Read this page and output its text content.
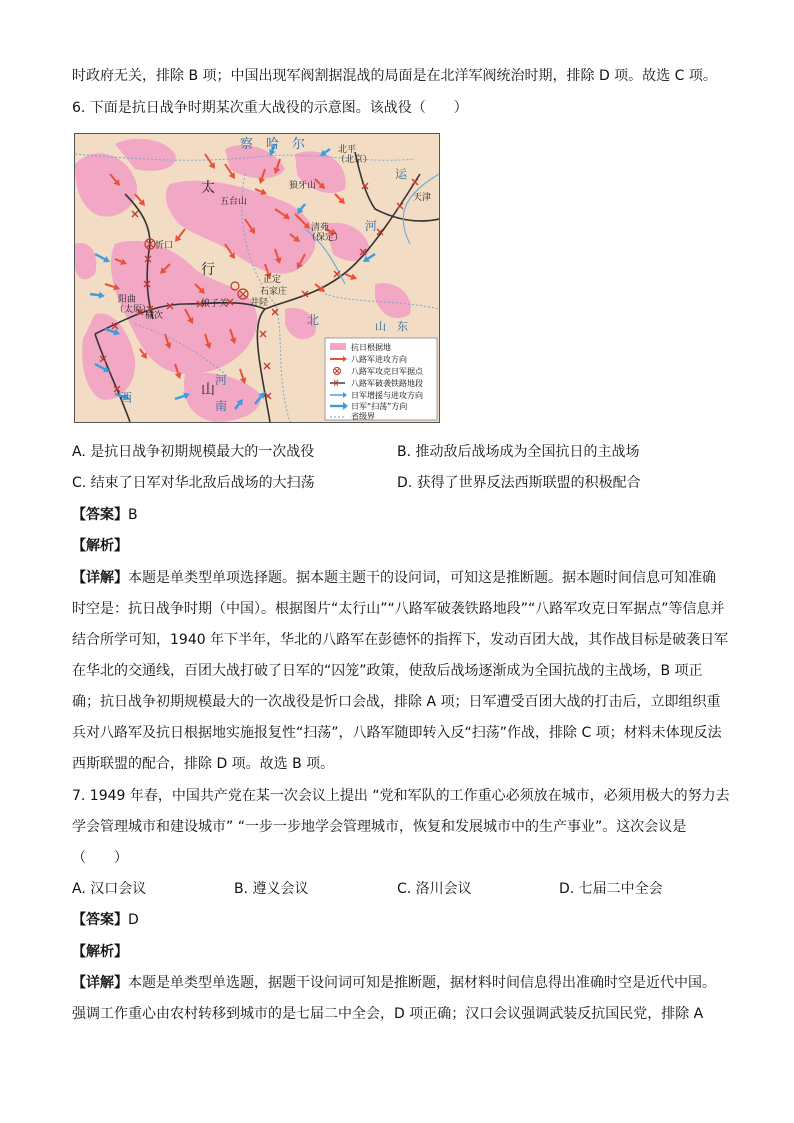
时政府无关，排除 B 项；中国出现军阀割据混战的局面是在北洋军阀统治时期，排除 D 项。故选 C 项。
6. 下面是抗日战争时期某次重大战役的示意图。该战役（　　）
察　哈　尔	北平
（北京）
天津
狼牙山
五台山
清苑
（保定）
忻口
阳曲
（太原）
榆次
娘子关 井陉
正定
石家庄
太
行
山
西
河
南
北	山　东
运
河
抗日根据地
八路军进攻方向
八路军攻克日军据点
八路军破袭铁路地段
日军增援与进攻方向
日军“扫荡”方向
省级界
A. 是抗日战争初期规模最大的一次战役	B. 推动敌后战场成为全国抗日的主战场
C. 结束了日军对华北敌后战场的大扫荡	D. 获得了世界反法西斯联盟的积极配合
【答案】B
【解析】
【详解】本题是单类型单项选择题。据本题主题干的设问词，可知这是推断题。据本题时间信息可知准确
时空是：抗日战争时期（中国）。根据图片“太行山”“八路军破袭铁路地段”“八路军攻克日军据点”等信息并
结合所学可知，1940 年下半年，华北的八路军在彭德怀的指挥下，发动百团大战，其作战目标是破袭日军
在华北的交通线，百团大战打破了日军的“囚笼”政策，使敌后战场逐渐成为全国抗战的主战场，B 项正
确；抗日战争初期规模最大的一次战役是忻口会战，排除 A 项；日军遭受百团大战的打击后，立即组织重
兵对八路军及抗日根据地实施报复性“扫荡”，八路军随即转入反“扫荡”作战，排除 C 项；材料未体现反法
西斯联盟的配合，排除 D 项。故选 B 项。
7. 1949 年春，中国共产党在某一次会议上提出 “党和军队的工作重心必须放在城市，必须用极大的努力去
学会管理城市和建设城市” “一步一步地学会管理城市，恢复和发展城市中的生产事业”。这次会议是
（　　）
A. 汉口会议	B. 遵义会议	C. 洛川会议	D. 七届二中全会
【答案】D
【解析】
【详解】本题是单类型单选题，据题干设问词可知是推断题，据材料时间信息得出准确时空是近代中国。
强调工作重心由农村转移到城市的是七届二中全会，D 项正确；汉口会议强调武装反抗国民党，排除 A
